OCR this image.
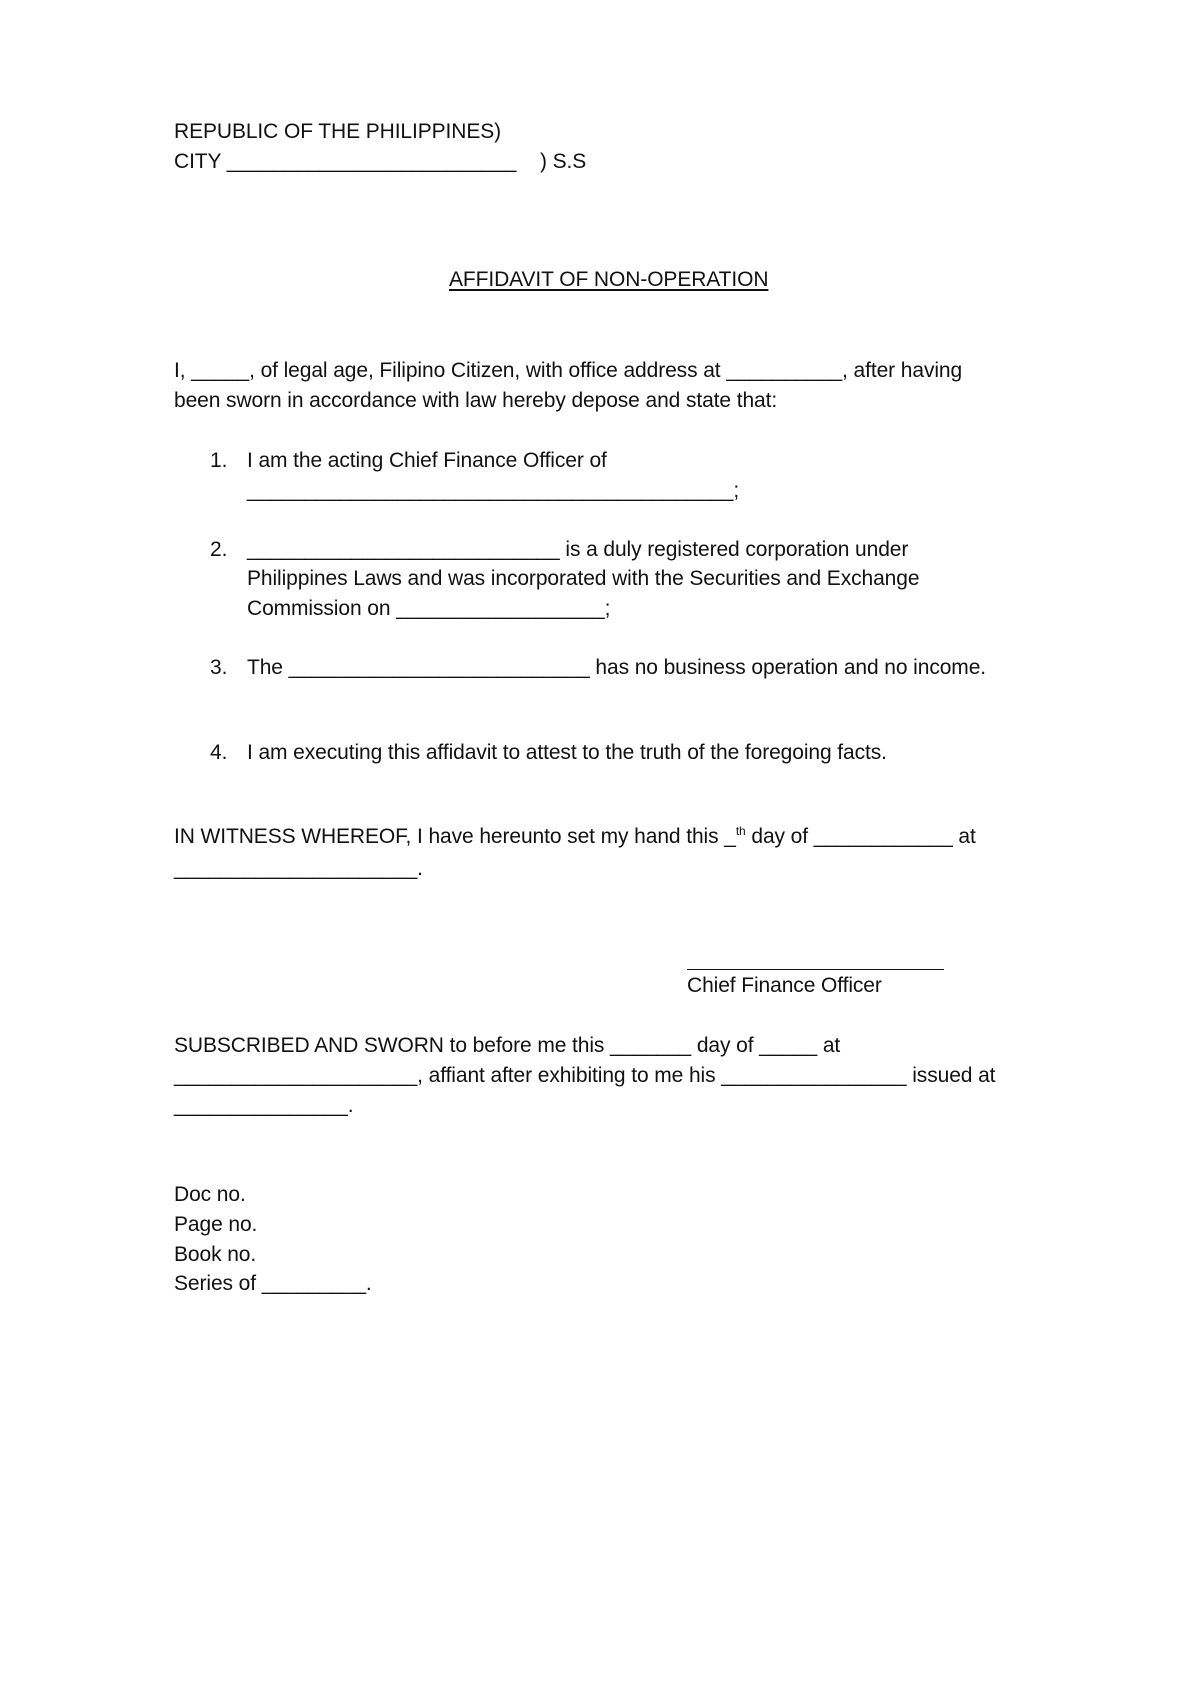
REPUBLIC OF THE PHILIPPINES)
CITY _________________________ ) S.S
AFFIDAVIT OF NON-OPERATION
I, _____, of legal age, Filipino Citizen, with office address at __________, after having
been sworn in accordance with law hereby depose and state that:
1. I am the acting Chief Finance Officer of
__________________________________________;
2. ___________________________ is a duly registered corporation under
Philippines Laws and was incorporated with the Securities and Exchange
Commission on __________________;
3. The __________________________ has no business operation and no income.
4. I am executing this affidavit to attest to the truth of the foregoing facts.
IN WITNESS WHEREOF, I have hereunto set my hand this _$^{th}$ day of ____________ at
_____________________.
Chief Finance Officer
SUBSCRIBED AND SWORN to before me this _______ day of _____ at
_____________________, affiant after exhibiting to me his ________________ issued at
_______________.
Doc no.
Page no.
Book no.
Series of _________.
